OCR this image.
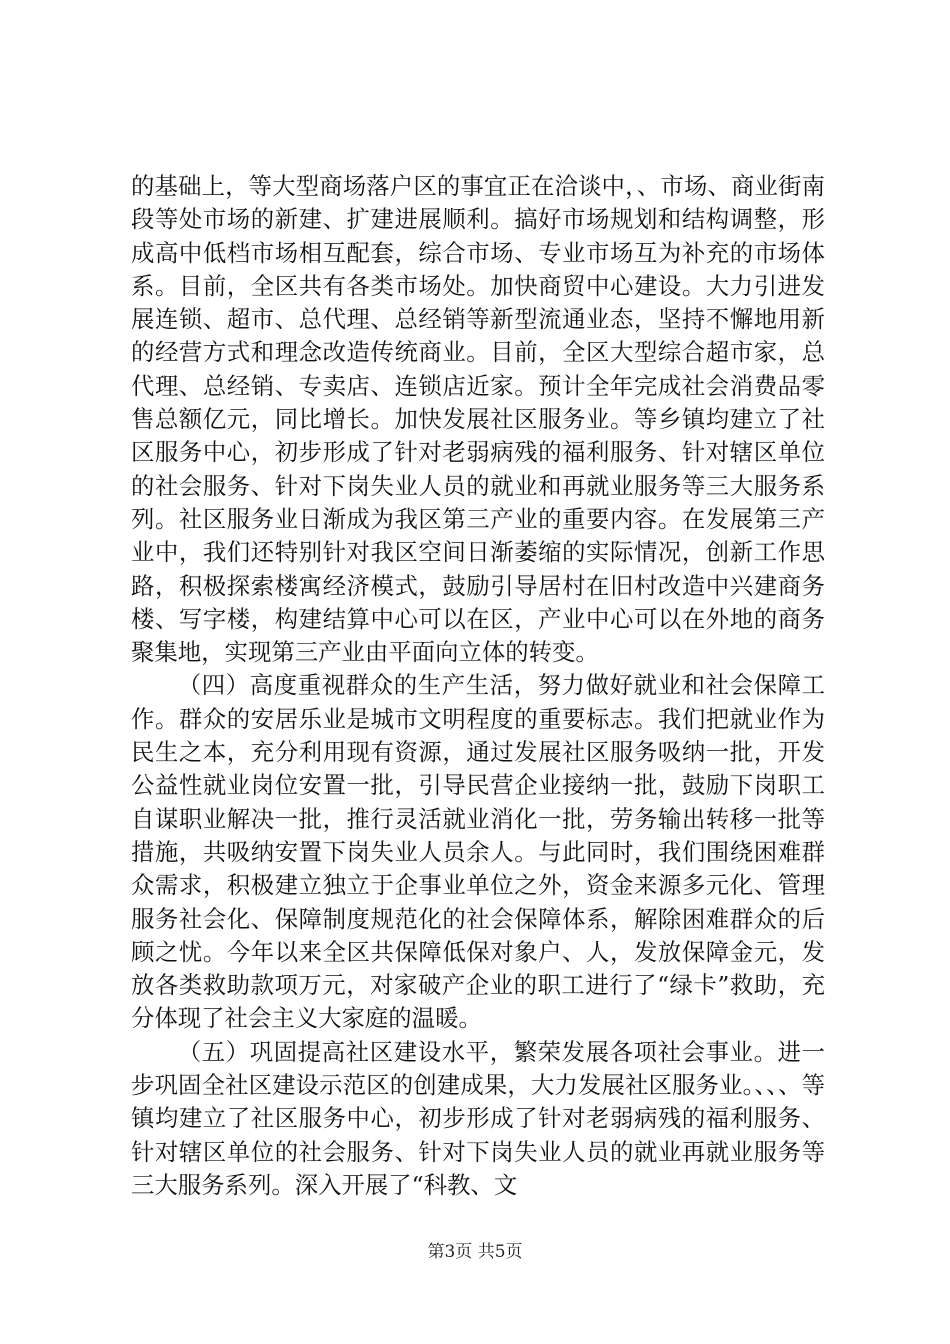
的基础上，等大型商场落户区的事宜正在洽谈中，、市场、商业街南段等处市场的新建、扩建进展顺利。搞好市场规划和结构调整，形成高中低档市场相互配套，综合市场、专业市场互为补充的市场体系。目前，全区共有各类市场处。加快商贸中心建设。大力引进发展连锁、超市、总代理、总经销等新型流通业态，坚持不懈地用新的经营方式和理念改造传统商业。目前，全区大型综合超市家，总代理、总经销、专卖店、连锁店近家。预计全年完成社会消费品零售总额亿元，同比增长。加快发展社区服务业。等乡镇均建立了社区服务中心，初步形成了针对老弱病残的福利服务、针对辖区单位的社会服务、针对下岗失业人员的就业和再就业服务等三大服务系列。社区服务业日渐成为我区第三产业的重要内容。在发展第三产业中，我们还特别针对我区空间日渐萎缩的实际情况，创新工作思路，积极探索楼寓经济模式，鼓励引导居村在旧村改造中兴建商务楼、写字楼，构建结算中心可以在区，产业中心可以在外地的商务聚集地，实现第三产业由平面向立体的转变。

（四）高度重视群众的生产生活，努力做好就业和社会保障工作。群众的安居乐业是城市文明程度的重要标志。我们把就业作为民生之本，充分利用现有资源，通过发展社区服务吸纳一批，开发公益性就业岗位安置一批，引导民营企业接纳一批，鼓励下岗职工自谋职业解决一批，推行灵活就业消化一批，劳务输出转移一批等措施，共吸纳安置下岗失业人员余人。与此同时，我们围绕困难群众需求，积极建立独立于企事业单位之外，资金来源多元化、管理服务社会化、保障制度规范化的社会保障体系，解除困难群众的后顾之忧。今年以来全区共保障低保对象户、人，发放保障金元，发放各类救助款项万元，对家破产企业的职工进行了“绿卡”救助，充分体现了社会主义大家庭的温暖。

（五）巩固提高社区建设水平，繁荣发展各项社会事业。进一步巩固全社区建设示范区的创建成果，大力发展社区服务业。、、、等镇均建立了社区服务中心，初步形成了针对老弱病残的福利服务、针对辖区单位的社会服务、针对下岗失业人员的就业再就业服务等三大服务系列。深入开展了“科教、文

第3页 共5页
